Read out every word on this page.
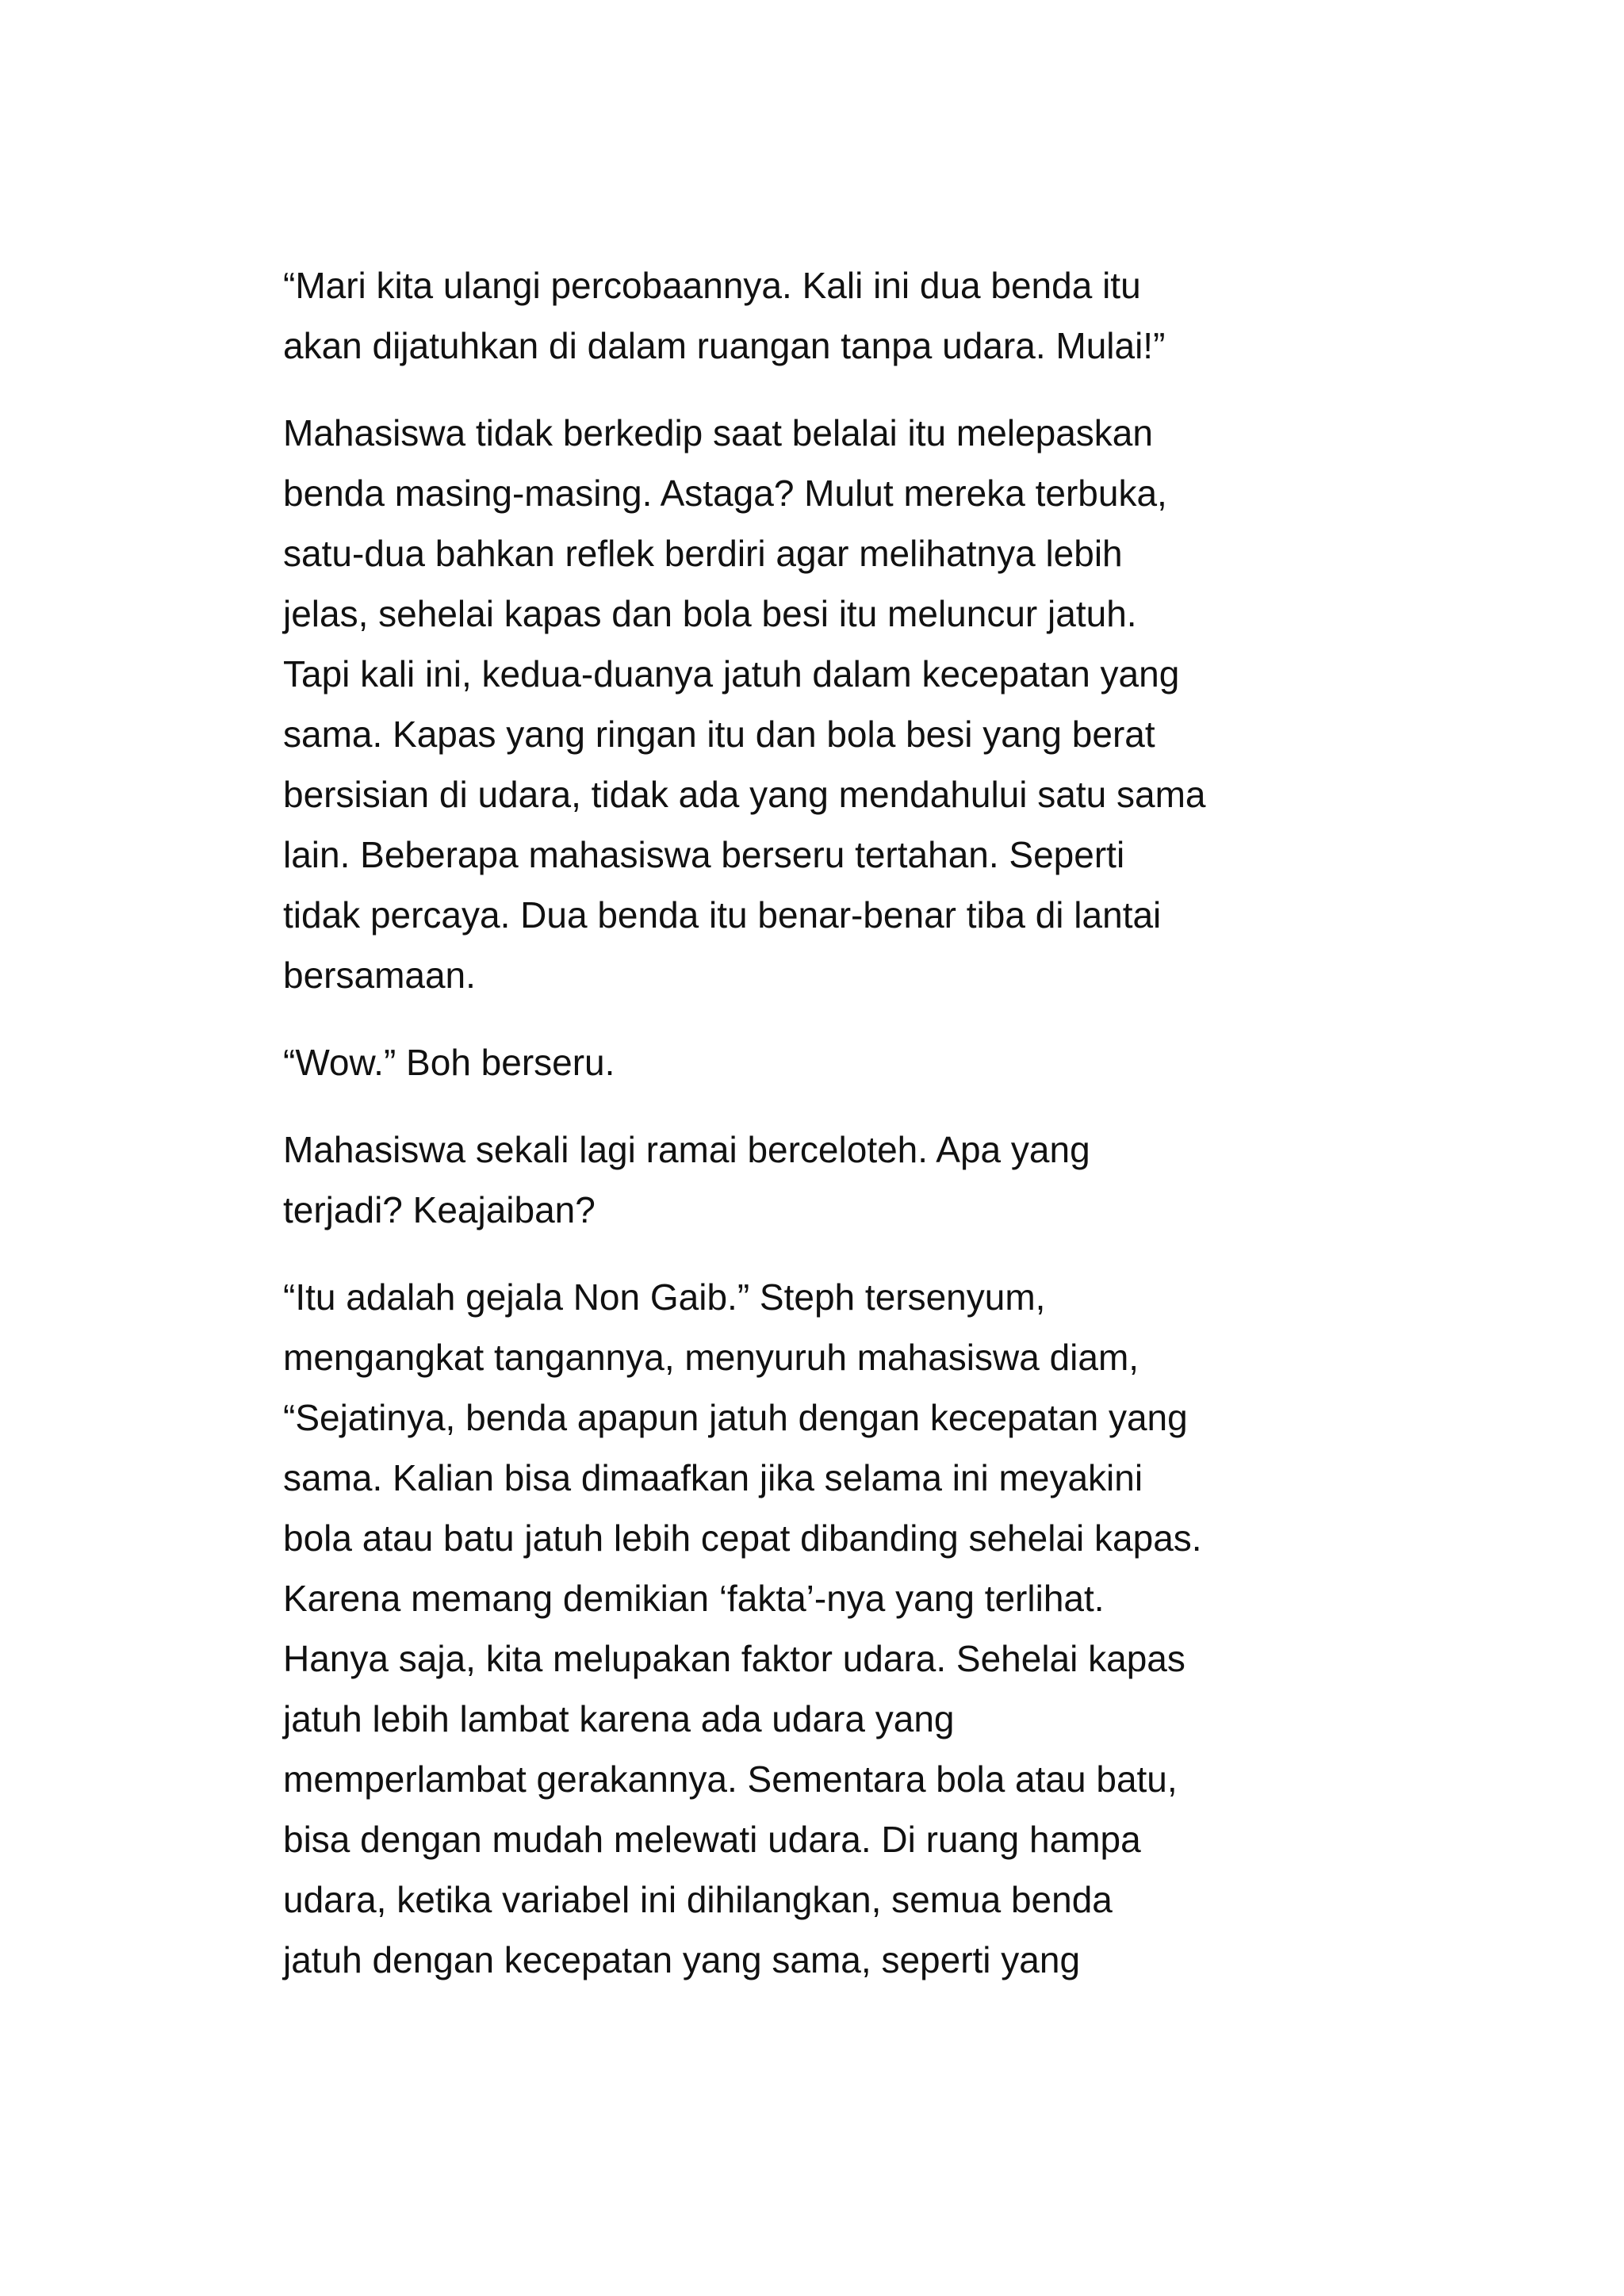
“Mari kita ulangi percobaannya. Kali ini dua benda itu
akan dijatuhkan di dalam ruangan tanpa udara. Mulai!”

Mahasiswa tidak berkedip saat belalai itu melepaskan
benda masing-masing. Astaga? Mulut mereka terbuka,
satu-dua bahkan reflek berdiri agar melihatnya lebih
jelas, sehelai kapas dan bola besi itu meluncur jatuh.
Tapi kali ini, kedua-duanya jatuh dalam kecepatan yang
sama. Kapas yang ringan itu dan bola besi yang berat
bersisian di udara, tidak ada yang mendahului satu sama
lain. Beberapa mahasiswa berseru tertahan. Seperti
tidak percaya. Dua benda itu benar-benar tiba di lantai
bersamaan.

“Wow.” Boh berseru.

Mahasiswa sekali lagi ramai berceloteh. Apa yang
terjadi? Keajaiban?

“Itu adalah gejala Non Gaib.” Steph tersenyum,
mengangkat tangannya, menyuruh mahasiswa diam,
“Sejatinya, benda apapun jatuh dengan kecepatan yang
sama. Kalian bisa dimaafkan jika selama ini meyakini
bola atau batu jatuh lebih cepat dibanding sehelai kapas.
Karena memang demikian ‘fakta’-nya yang terlihat.
Hanya saja, kita melupakan faktor udara. Sehelai kapas
jatuh lebih lambat karena ada udara yang
memperlambat gerakannya. Sementara bola atau batu,
bisa dengan mudah melewati udara. Di ruang hampa
udara, ketika variabel ini dihilangkan, semua benda
jatuh dengan kecepatan yang sama, seperti yang
